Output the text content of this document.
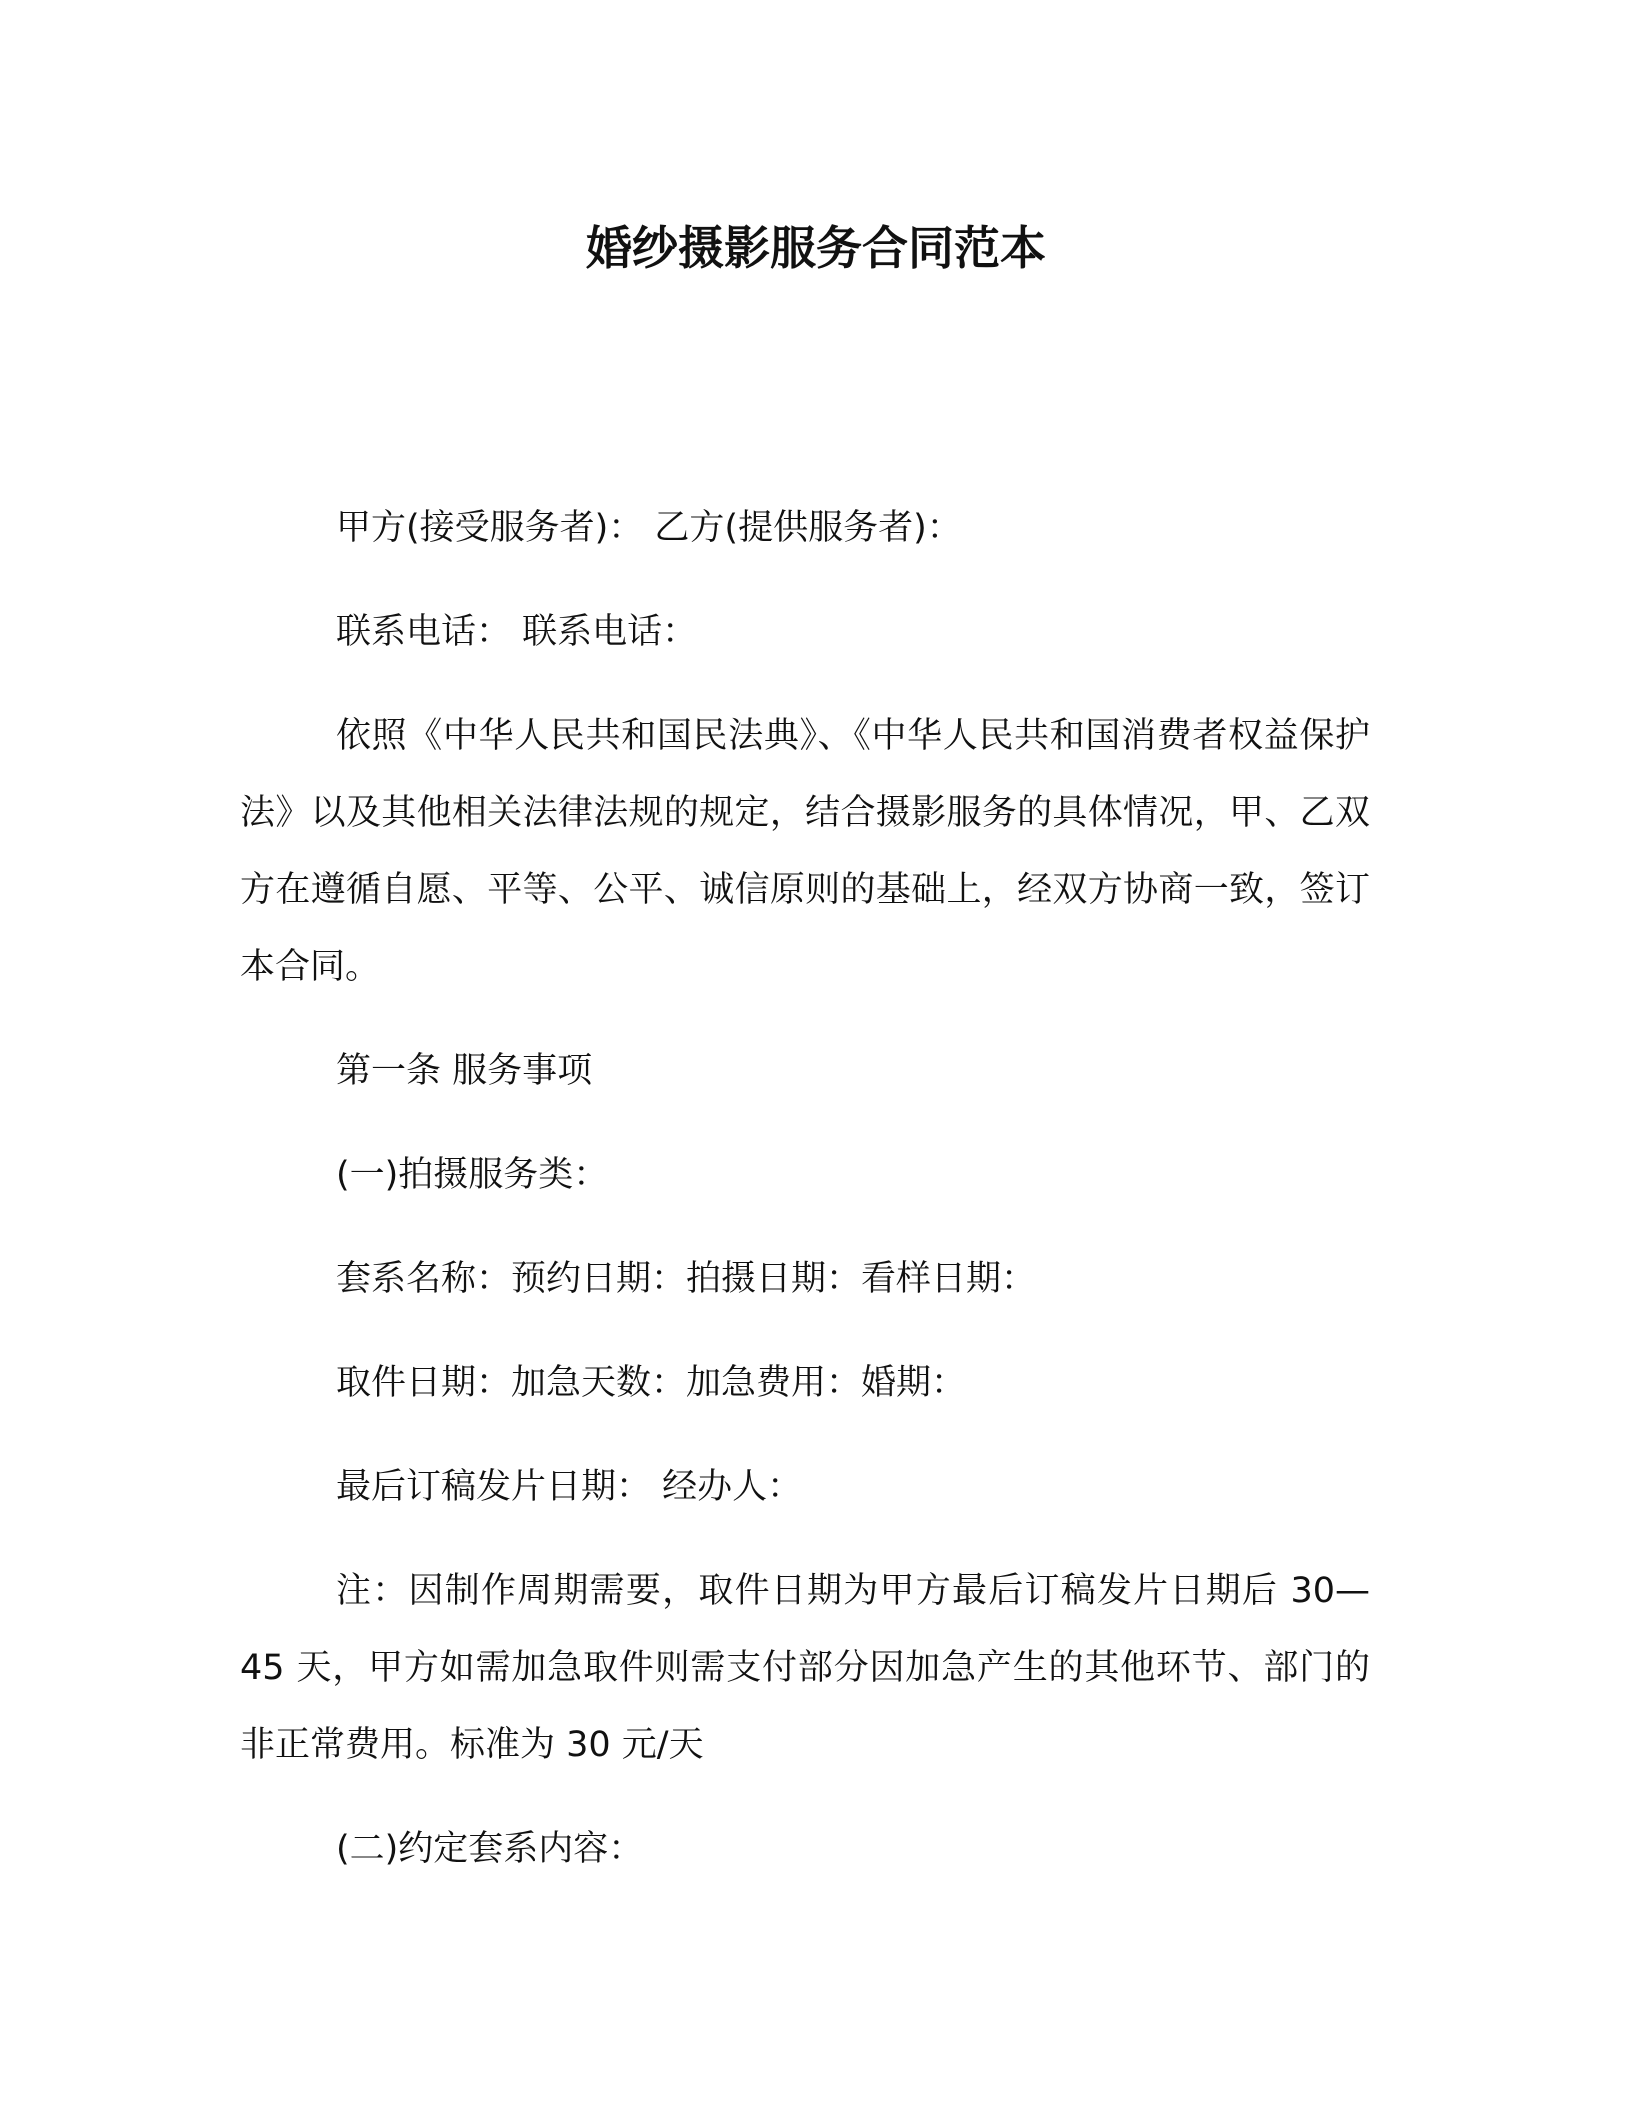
婚纱摄影服务合同范本

甲方(接受服务者)： 乙方(提供服务者)：

联系电话： 联系电话：

依照《中华人民共和国民法典》、《中华人民共和国消费者权益保护法》以及其他相关法律法规的规定，结合摄影服务的具体情况，甲、乙双方在遵循自愿、平等、公平、诚信原则的基础上，经双方协商一致，签订本合同。

第一条 服务事项

(一)拍摄服务类：

套系名称：预约日期：拍摄日期：看样日期：

取件日期：加急天数：加急费用：婚期：

最后订稿发片日期： 经办人：

注：因制作周期需要，取件日期为甲方最后订稿发片日期后 30—45 天，甲方如需加急取件则需支付部分因加急产生的其他环节、部门的非正常费用。标准为 30 元/天

(二)约定套系内容：
